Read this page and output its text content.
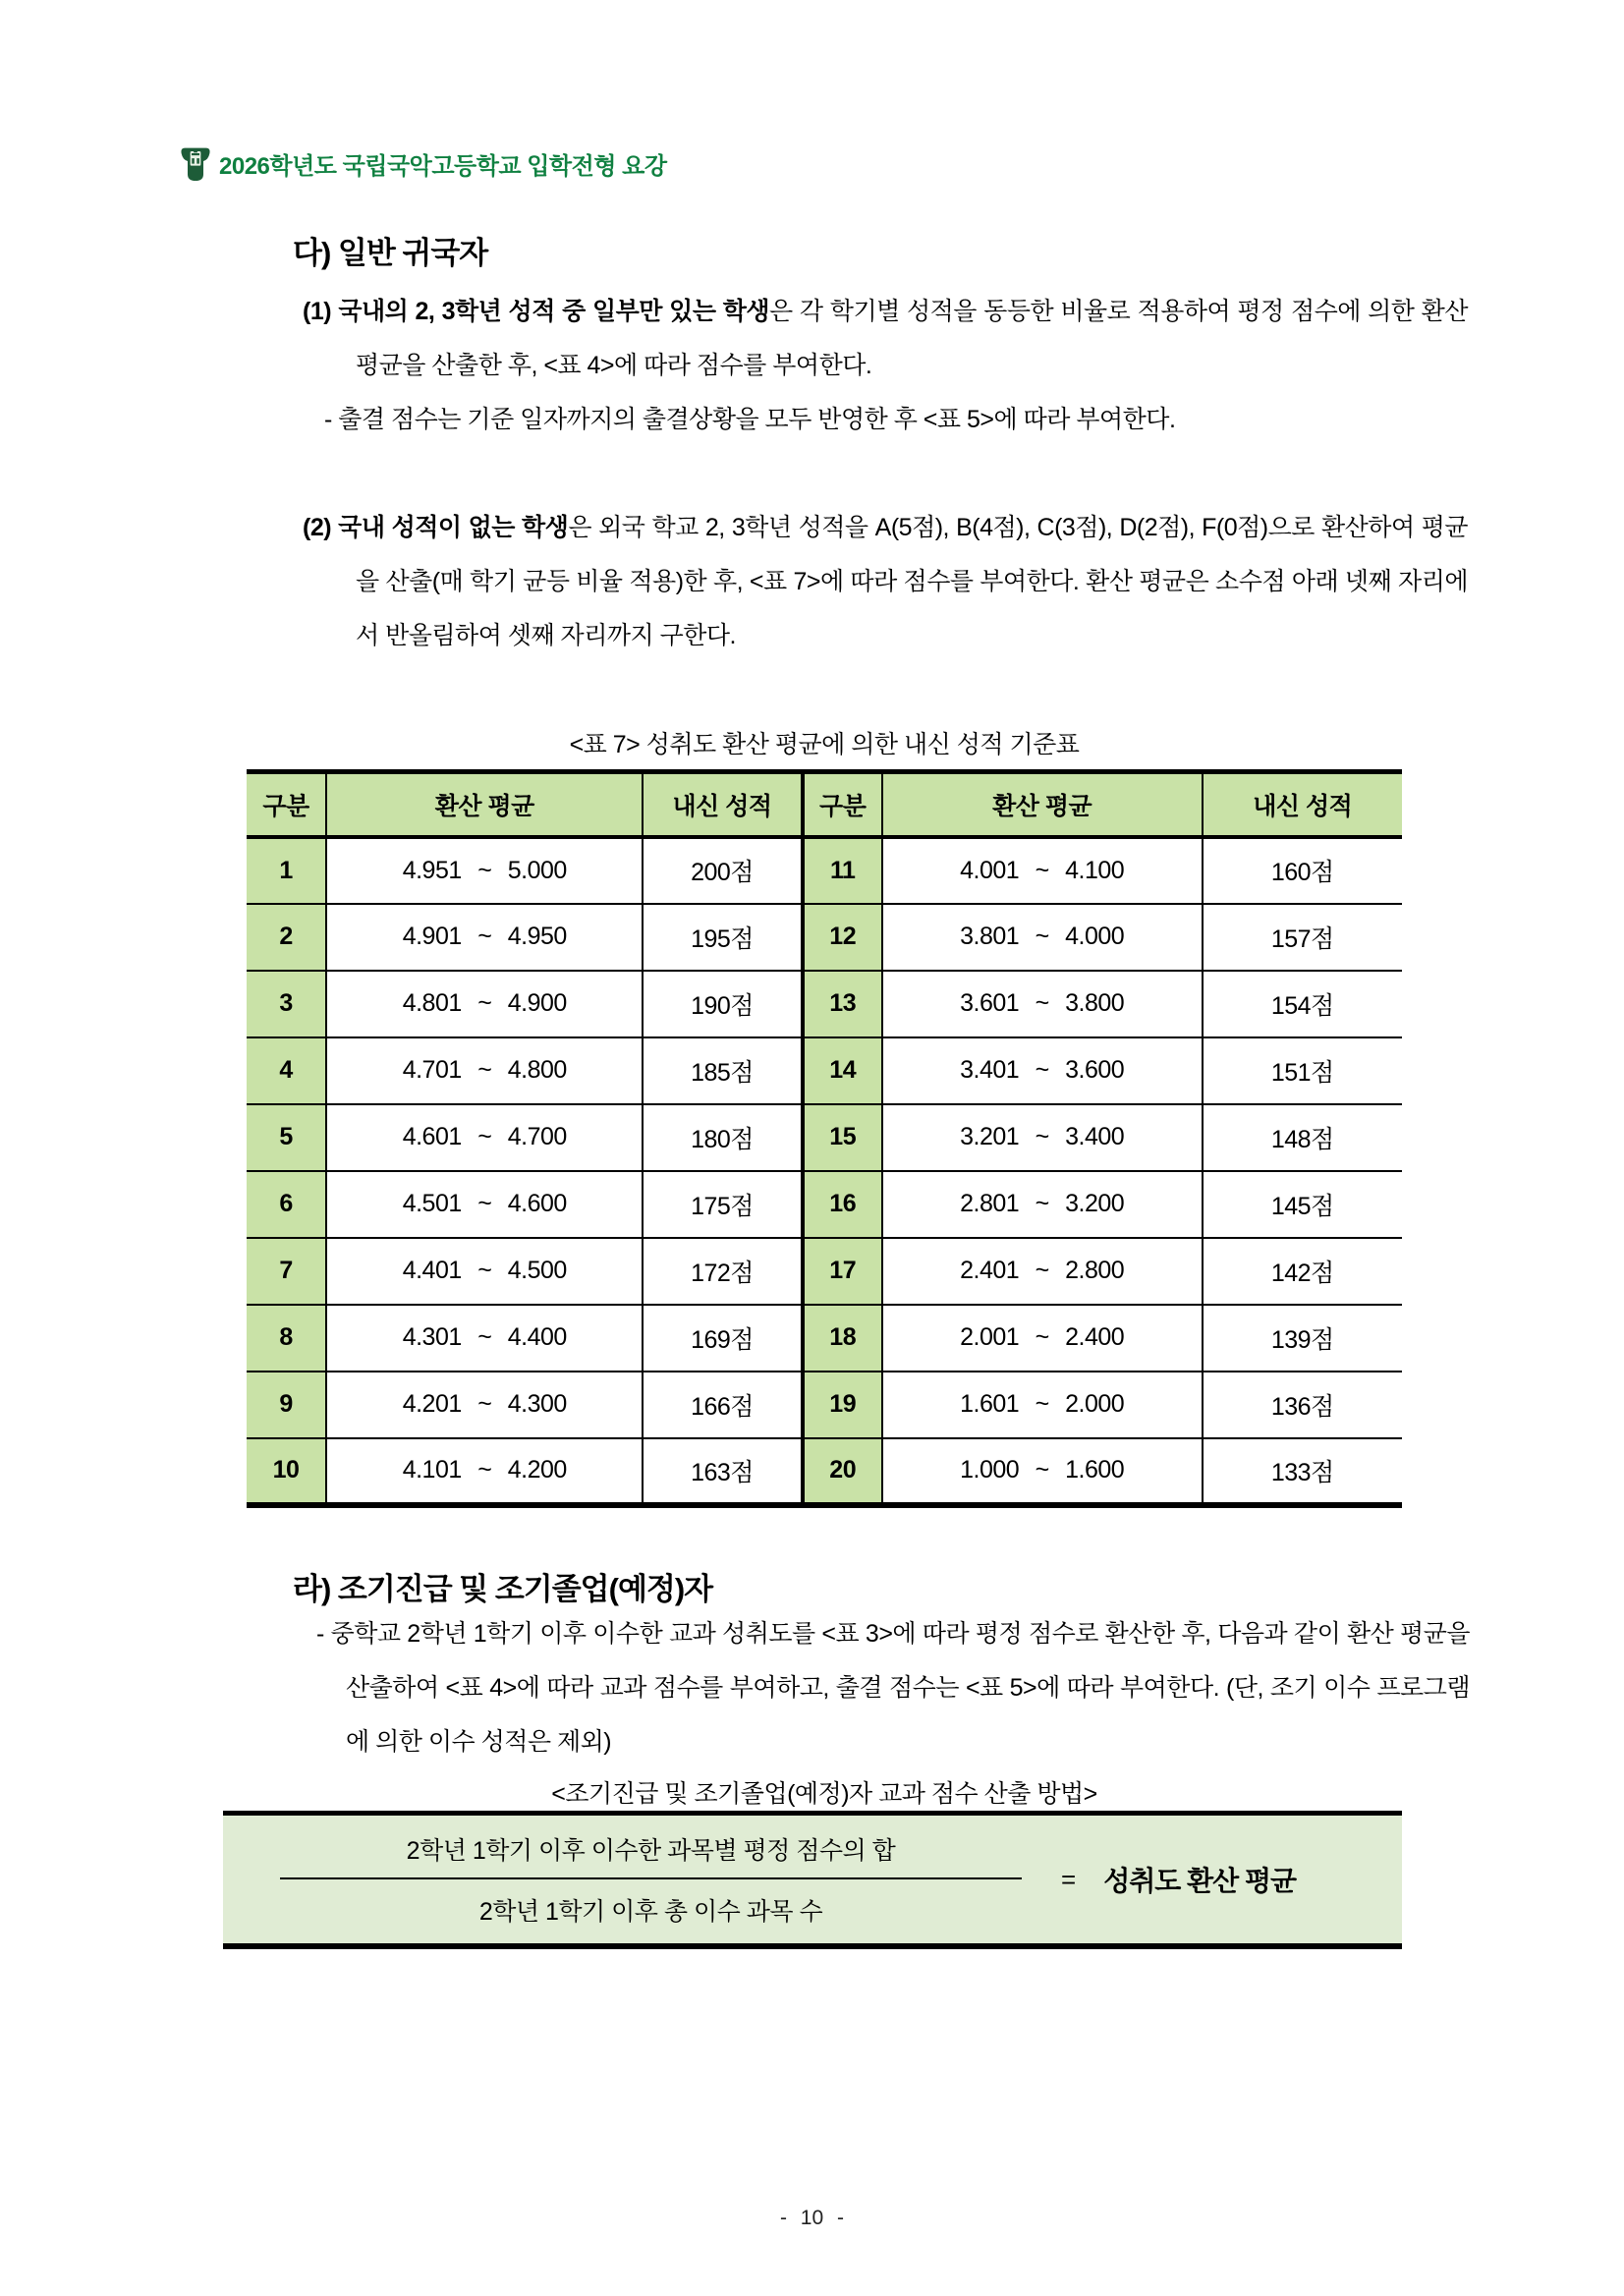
2026학년도 국립국악고등학교 입학전형 요강
다) 일반 귀국자
(1) 국내의 2, 3학년 성적 중 일부만 있는 학생은 각 학기별 성적을 동등한 비율로 적용하여 평정 점수에 의한 환산 평균을 산출한 후, <표 4>에 따라 점수를 부여한다.
- 출결 점수는 기준 일자까지의 출결상황을 모두 반영한 후 <표 5>에 따라 부여한다.
(2) 국내 성적이 없는 학생은 외국 학교 2, 3학년 성적을 A(5점), B(4점), C(3점), D(2점), F(0점)으로 환산하여 평균을 산출(매 학기 균등 비율 적용)한 후, <표 7>에 따라 점수를 부여한다. 환산 평균은 소수점 아래 넷째 자리에서 반올림하여 셋째 자리까지 구한다.
<표 7> 성취도 환산 평균에 의한 내신 성적 기준표
구분	환산 평균	내신 성적	구분	환산 평균	내신 성적
1	4.951 ~ 5.000	200점	11	4.001 ~ 4.100	160점
2	4.901 ~ 4.950	195점	12	3.801 ~ 4.000	157점
3	4.801 ~ 4.900	190점	13	3.601 ~ 3.800	154점
4	4.701 ~ 4.800	185점	14	3.401 ~ 3.600	151점
5	4.601 ~ 4.700	180점	15	3.201 ~ 3.400	148점
6	4.501 ~ 4.600	175점	16	2.801 ~ 3.200	145점
7	4.401 ~ 4.500	172점	17	2.401 ~ 2.800	142점
8	4.301 ~ 4.400	169점	18	2.001 ~ 2.400	139점
9	4.201 ~ 4.300	166점	19	1.601 ~ 2.000	136점
10	4.101 ~ 4.200	163점	20	1.000 ~ 1.600	133점
라) 조기진급 및 조기졸업(예정)자
- 중학교 2학년 1학기 이후 이수한 교과 성취도를 <표 3>에 따라 평정 점수로 환산한 후, 다음과 같이 환산 평균을 산출하여 <표 4>에 따라 교과 점수를 부여하고, 출결 점수는 <표 5>에 따라 부여한다. (단, 조기 이수 프로그램에 의한 이수 성적은 제외)
<조기진급 및 조기졸업(예정)자 교과 점수 산출 방법>
$\frac{\text{2학년 1학기 이후 이수한 과목별 평정 점수의 합}}{\text{2학년 1학기 이후 총 이수 과목 수}}$ = 성취도 환산 평균
- 10 -
